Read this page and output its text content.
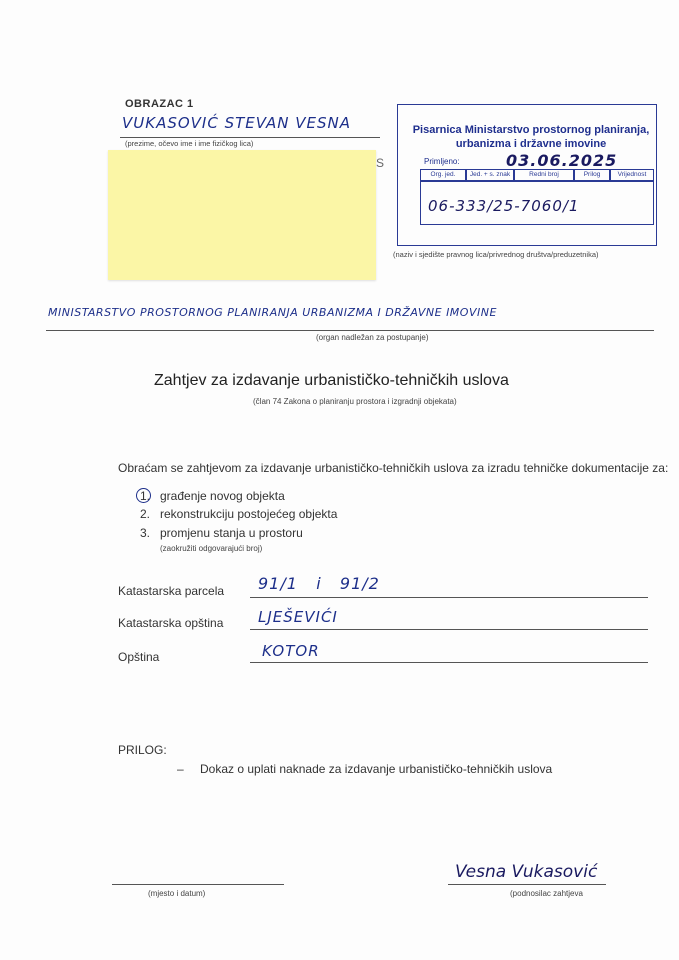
OBRAZAC 1
VUKASOVIĆ STEVAN VESNA
(prezime, očevo ime i ime fizičkog lica)
S
Pisarnica Ministarstvo prostornog planiranja, urbanizma i državne imovine
Primljeno:	03.06.2025
Org. jed.	Jed. + s. znak	Redni broj	Prilog	Vrijednost
06-333/25-7060/1
(naziv i sjedište pravnog lica/privrednog društva/preduzetnika)
MINISTARSTVO PROSTORNOG PLANIRANJA URBANIZMA I DRŽAVNE IMOVINE
(organ nadležan za postupanje)
Zahtjev za izdavanje urbanističko-tehničkih uslova
(član 74 Zakona o planiranju prostora i izgradnji objekata)
Obraćam se zahtjevom za izdavanje urbanističko-tehničkih uslova za izradu tehničke dokumentacije za:
1. građenje novog objekta
2. rekonstrukciju postojećeg objekta
3. promjenu stanja u prostoru
(zaokružiti odgovarajući broj)
Katastarska parcela 91/1   i   91/2
Katastarska opština LJEŠEVIĆI
Opština	KOTOR
PRILOG:
– Dokaz o uplati naknade za izdavanje urbanističko-tehničkih uslova
(mjesto i datum)
Vesna Vukasović
(podnosilac zahtjeva
